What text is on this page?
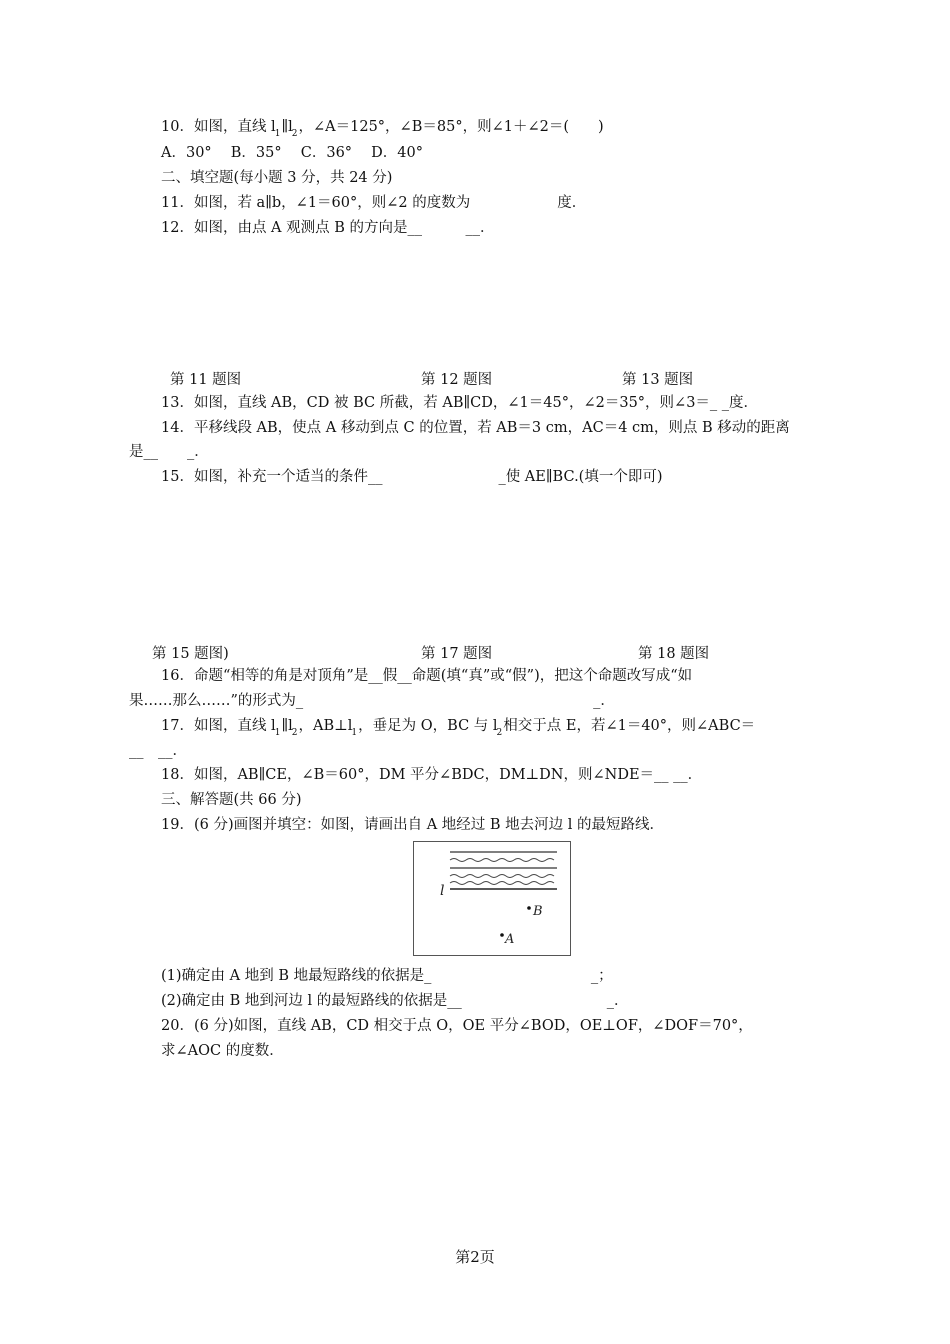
10．如图，直线 $l_1\parallel l_2$，∠A＝125°，∠B＝85°，则∠1＋∠2＝(　　)
A．30°　 B．35°　 C．36°　 D．40°
二、填空题(每小题 3 分，共 24 分)
11．如图，若 a∥b，∠1＝60°，则∠2 的度数为　　　　　　度．
12．如图，由点 A 观测点 B 的方向是__　　　__．
第 11 题图	第 12 题图	第 13 题图
13．如图，直线 AB，CD 被 BC 所截，若 AB∥CD，∠1＝45°，∠2＝35°，则∠3＝_ _度．
14．平移线段 AB，使点 A 移动到点 C 的位置，若 AB＝3 cm，AC＝4 cm，则点 B 移动的距离
是__　　_．
15．如图，补充一个适当的条件__　　　　　　　　_使 AE∥BC.(填一个即可)
第 15 题图)	第 17 题图	第 18 题图
16．命题“相等的角是对顶角”是__假__命题(填“真”或“假”)，把这个命题改写成“如
果……那么……”的形式为_　　　　　　　　　　　　　　　　　　　　_．
17．如图，直线 $l_1\parallel l_2$，$AB\perp l_1$，垂足为 O，BC 与 $l_2$相交于点 E，若∠1＝40°，则∠ABC＝
__　__．
18．如图，AB∥CE，∠B＝60°，DM 平分∠BDC，DM⊥DN，则∠NDE＝__ __．
三、解答题(共 66 分)
19．(6 分)画图并填空：如图，请画出自 A 地经过 B 地去河边 l 的最短路线．
l
B
A
(1)确定由 A 地到 B 地最短路线的依据是_　　　　　　　　　　　_；
(2)确定由 B 地到河边 l 的最短路线的依据是__　　　　　　　　　　_．
20．(6 分)如图，直线 AB，CD 相交于点 O，OE 平分∠BOD，OE⊥OF，∠DOF＝70°，
求∠AOC 的度数．
第2页
